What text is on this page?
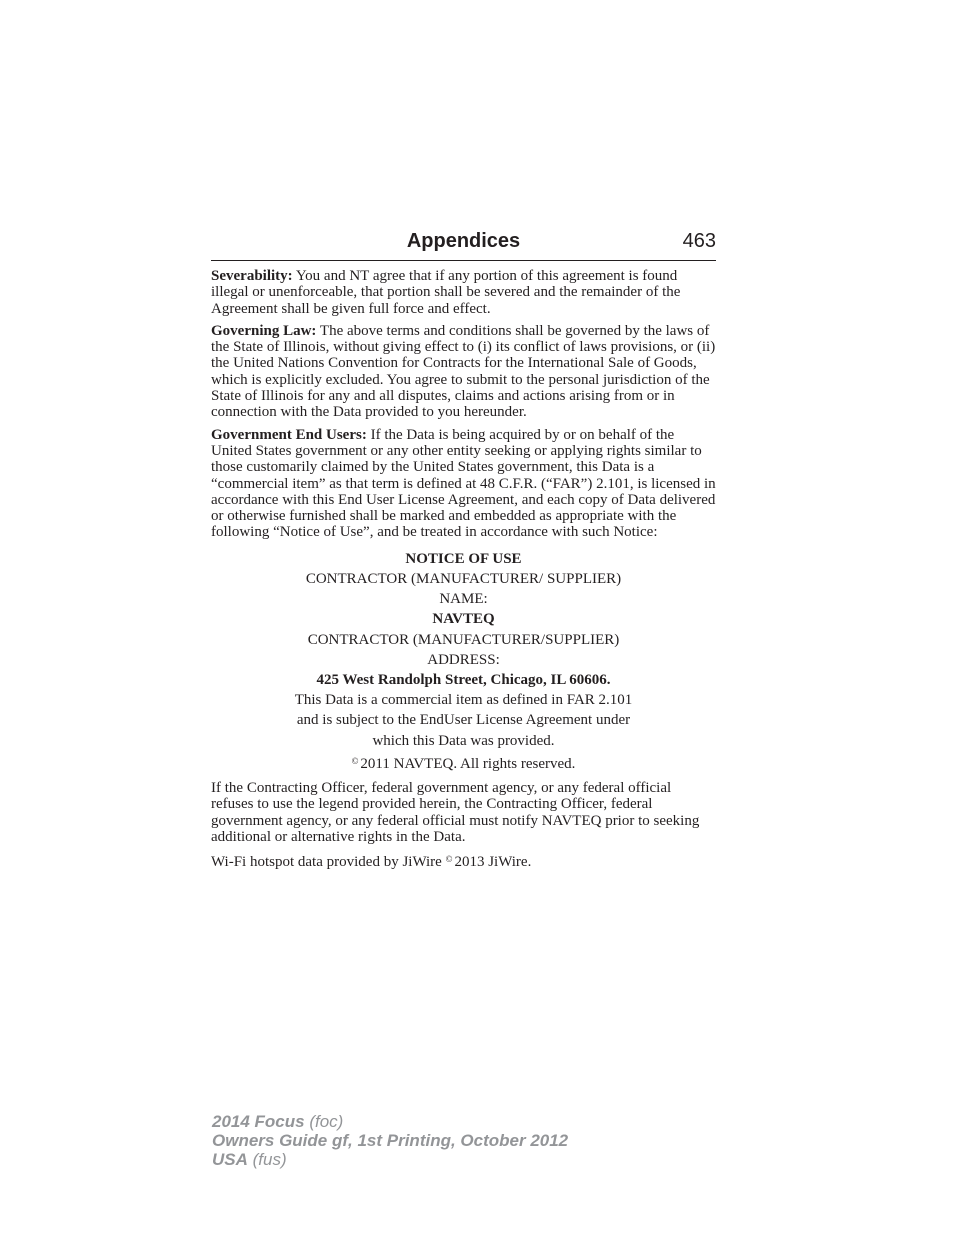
Appendices	463

Severability: You and NT agree that if any portion of this agreement is found illegal or unenforceable, that portion shall be severed and the remainder of the Agreement shall be given full force and effect.

Governing Law: The above terms and conditions shall be governed by the laws of the State of Illinois, without giving effect to (i) its conflict of laws provisions, or (ii) the United Nations Convention for Contracts for the International Sale of Goods, which is explicitly excluded. You agree to submit to the personal jurisdiction of the State of Illinois for any and all disputes, claims and actions arising from or in connection with the Data provided to you hereunder.

Government End Users: If the Data is being acquired by or on behalf of the United States government or any other entity seeking or applying rights similar to those customarily claimed by the United States government, this Data is a “commercial item” as that term is defined at 48 C.F.R. (“FAR”) 2.101, is licensed in accordance with this End User License Agreement, and each copy of Data delivered or otherwise furnished shall be marked and embedded as appropriate with the following “Notice of Use”, and be treated in accordance with such Notice:

NOTICE OF USE
CONTRACTOR (MANUFACTURER/ SUPPLIER)
NAME:
NAVTEQ
CONTRACTOR (MANUFACTURER/SUPPLIER)
ADDRESS:
425 West Randolph Street, Chicago, IL 60606.
This Data is a commercial item as defined in FAR 2.101
and is subject to the EndUser License Agreement under
which this Data was provided.
© 2011 NAVTEQ. All rights reserved.

If the Contracting Officer, federal government agency, or any federal official refuses to use the legend provided herein, the Contracting Officer, federal government agency, or any federal official must notify NAVTEQ prior to seeking additional or alternative rights in the Data.

Wi-Fi hotspot data provided by JiWire © 2013 JiWire.

2014 Focus (foc)
Owners Guide gf, 1st Printing, October 2012
USA (fus)
